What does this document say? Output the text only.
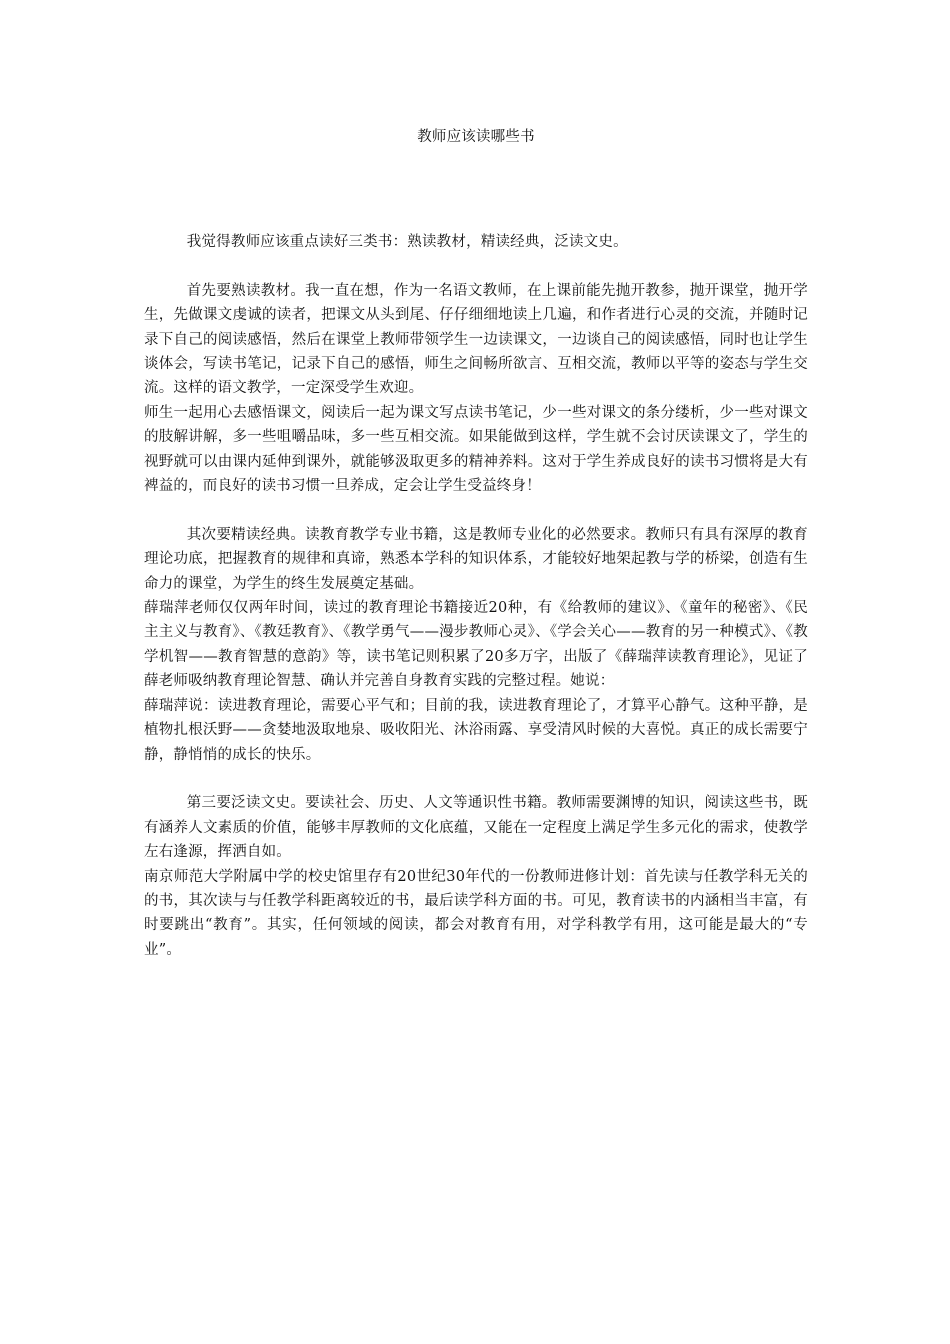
教师应该读哪些书

我觉得教师应该重点读好三类书：熟读教材，精读经典，泛读文史。

首先要熟读教材。我一直在想，作为一名语文教师，在上课前能先抛开教参，抛开课堂，抛开学生，先做课文虔诚的读者，把课文从头到尾、仔仔细细地读上几遍，和作者进行心灵的交流，并随时记录下自己的阅读感悟，然后在课堂上教师带领学生一边读课文，一边谈自己的阅读感悟，同时也让学生谈体会，写读书笔记，记录下自己的感悟，师生之间畅所欲言、互相交流，教师以平等的姿态与学生交流。这样的语文教学，一定深受学生欢迎。

师生一起用心去感悟课文，阅读后一起为课文写点读书笔记，少一些对课文的条分缕析，少一些对课文的肢解讲解，多一些咀嚼品味，多一些互相交流。如果能做到这样，学生就不会讨厌读课文了，学生的视野就可以由课内延伸到课外，就能够汲取更多的精神养料。这对于学生养成良好的读书习惯将是大有裨益的，而良好的读书习惯一旦养成，定会让学生受益终身！

其次要精读经典。读教育教学专业书籍，这是教师专业化的必然要求。教师只有具有深厚的教育理论功底，把握教育的规律和真谛，熟悉本学科的知识体系，才能较好地架起教与学的桥梁，创造有生命力的课堂，为学生的终生发展奠定基础。

薛瑞萍老师仅仅两年时间，读过的教育理论书籍接近20种，有《给教师的建议》、《童年的秘密》、《民主主义与教育》、《教廷教育》、《教学勇气——漫步教师心灵》、《学会关心——教育的另一种模式》、《教学机智——教育智慧的意韵》等，读书笔记则积累了20多万字，出版了《薛瑞萍读教育理论》，见证了薛老师吸纳教育理论智慧、确认并完善自身教育实践的完整过程。她说：

薛瑞萍说：读进教育理论，需要心平气和；目前的我，读进教育理论了，才算平心静气。这种平静，是植物扎根沃野——贪婪地汲取地泉、吸收阳光、沐浴雨露、享受清风时候的大喜悦。真正的成长需要宁静，静悄悄的成长的快乐。

第三要泛读文史。要读社会、历史、人文等通识性书籍。教师需要渊博的知识，阅读这些书，既有涵养人文素质的价值，能够丰厚教师的文化底蕴，又能在一定程度上满足学生多元化的需求，使教学左右逢源，挥洒自如。

南京师范大学附属中学的校史馆里存有20世纪30年代的一份教师进修计划：首先读与任教学科无关的的书，其次读与与任教学科距离较近的书，最后读学科方面的书。可见，教育读书的内涵相当丰富，有时要跳出“教育”。其实，任何领域的阅读，都会对教育有用，对学科教学有用，这可能是最大的“专业”。
